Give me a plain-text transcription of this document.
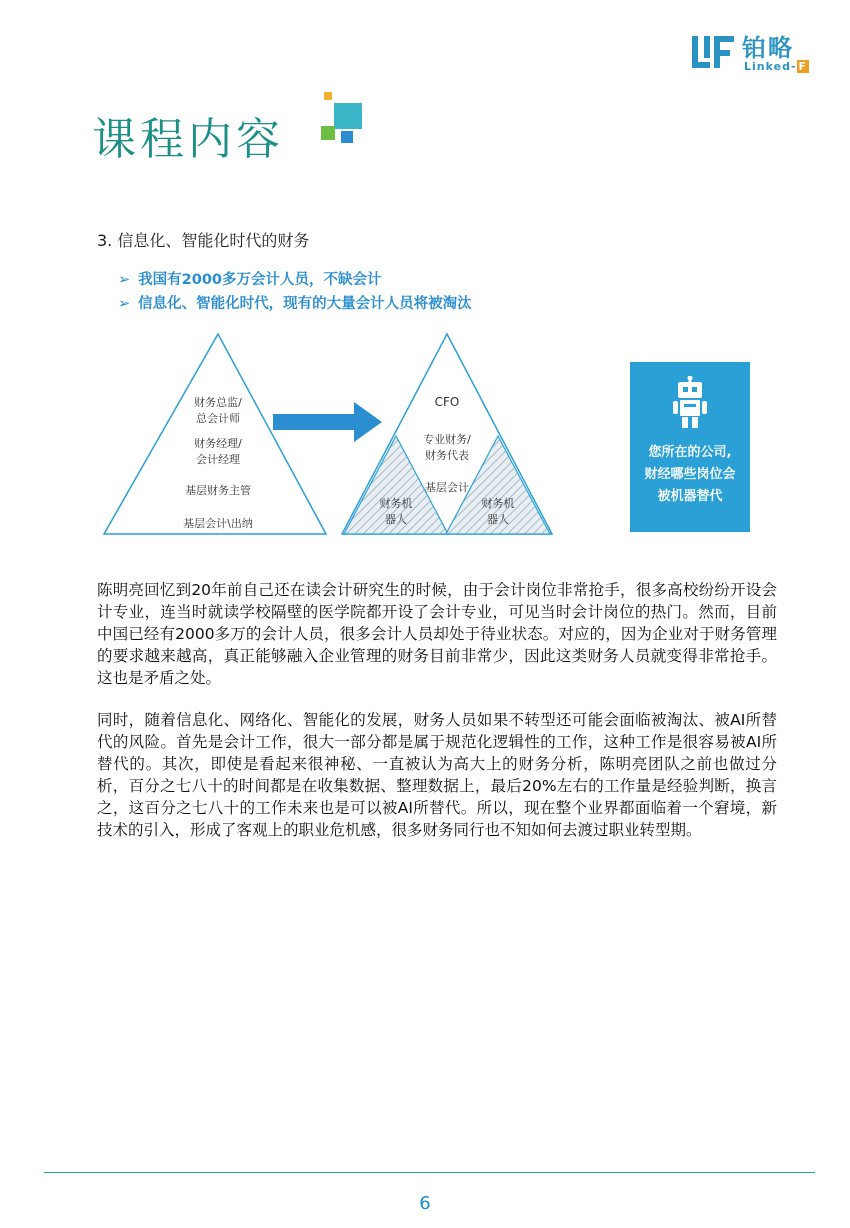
铂略
Linked- F
课程内容
3. 信息化、智能化时代的财务
➢ 我国有2000多万会计人员，不缺会计
➢ 信息化、智能化时代，现有的大量会计人员将被淘汰
财务总监/
总会计师
财务经理/
会计经理
基层财务主管
基层会计\出纳
CFO
专业财务/
财务代表
基层会计
财务机
器人
财务机
器人
您所在的公司,
财经哪些岗位会
被机器替代
陈明亮回忆到20年前自己还在读会计研究生的时候，由于会计岗位非常抢手，很多高校纷纷开设会计专业，连当时就读学校隔壁的医学院都开设了会计专业，可见当时会计岗位的热门。然而，目前中国已经有2000多万的会计人员，很多会计人员却处于待业状态。对应的，因为企业对于财务管理的要求越来越高，真正能够融入企业管理的财务目前非常少，因此这类财务人员就变得非常抢手。这也是矛盾之处。
同时，随着信息化、网络化、智能化的发展，财务人员如果不转型还可能会面临被淘汰、被AI所替代的风险。首先是会计工作，很大一部分都是属于规范化逻辑性的工作，这种工作是很容易被AI所替代的。其次，即使是看起来很神秘、一直被认为高大上的财务分析，陈明亮团队之前也做过分析，百分之七八十的时间都是在收集数据、整理数据上，最后20%左右的工作量是经验判断，换言之，这百分之七八十的工作未来也是可以被AI所替代。所以，现在整个业界都面临着一个窘境，新技术的引入，形成了客观上的职业危机感，很多财务同行也不知如何去渡过职业转型期。
6
